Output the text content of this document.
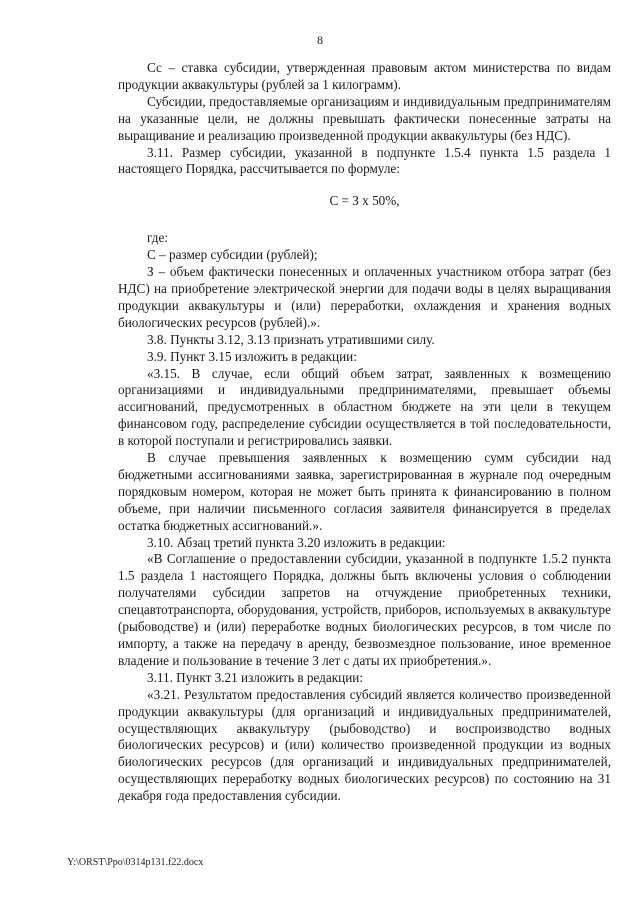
8

Сс – ставка субсидии, утвержденная правовым актом министерства по видам продукции аквакультуры (рублей за 1 килограмм).

Субсидии, предоставляемые организациям и индивидуальным предпринимателям на указанные цели, не должны превышать фактически понесенные затраты на выращивание и реализацию произведенной продукции аквакультуры (без НДС).

3.11. Размер субсидии, указанной в подпункте 1.5.4 пункта 1.5 раздела 1 настоящего Порядка, рассчитывается по формуле:

С = З х 50%,

где:

С – размер субсидии (рублей);

З – объем фактически понесенных и оплаченных участником отбора затрат (без НДС) на приобретение электрической энергии для подачи воды в целях выращивания продукции аквакультуры и (или) переработки, охлаждения и хранения водных биологических ресурсов (рублей).».

3.8. Пункты 3.12, 3.13 признать утратившими силу.

3.9. Пункт 3.15 изложить в редакции:

«3.15. В случае, если общий объем затрат, заявленных к возмещению организациями и индивидуальными предпринимателями, превышает объемы ассигнований, предусмотренных в областном бюджете на эти цели в текущем финансовом году, распределение субсидии осуществляется в той последовательности, в которой поступали и регистрировались заявки.

В случае превышения заявленных к возмещению сумм субсидии над бюджетными ассигнованиями заявка, зарегистрированная в журнале под очередным порядковым номером, которая не может быть принята к финансированию в полном объеме, при наличии письменного согласия заявителя финансируется в пределах остатка бюджетных ассигнований.».

3.10. Абзац третий пункта 3.20 изложить в редакции:

«В Соглашение о предоставлении субсидии, указанной в подпункте 1.5.2 пункта 1.5 раздела 1 настоящего Порядка, должны быть включены условия о соблюдении получателями субсидии запретов на отчуждение приобретенных техники, спецавтотранспорта, оборудования, устройств, приборов, используемых в аквакультуре (рыбоводстве) и (или) переработке водных биологических ресурсов, в том числе по импорту, а также на передачу в аренду, безвозмездное пользование, иное временное владение и пользование в течение 3 лет с даты их приобретения.».

3.11. Пункт 3.21 изложить в редакции:

«3.21. Результатом предоставления субсидий является количество произведенной продукции аквакультуры (для организаций и индивидуальных предпринимателей, осуществляющих аквакультуру (рыбоводство) и воспроизводство водных биологических ресурсов) и (или) количество произведенной продукции из водных биологических ресурсов (для организаций и индивидуальных предпринимателей, осуществляющих переработку водных биологических ресурсов) по состоянию на 31 декабря года предоставления субсидии.

Y:\ORST\Ppo\0314p131.f22.docx
